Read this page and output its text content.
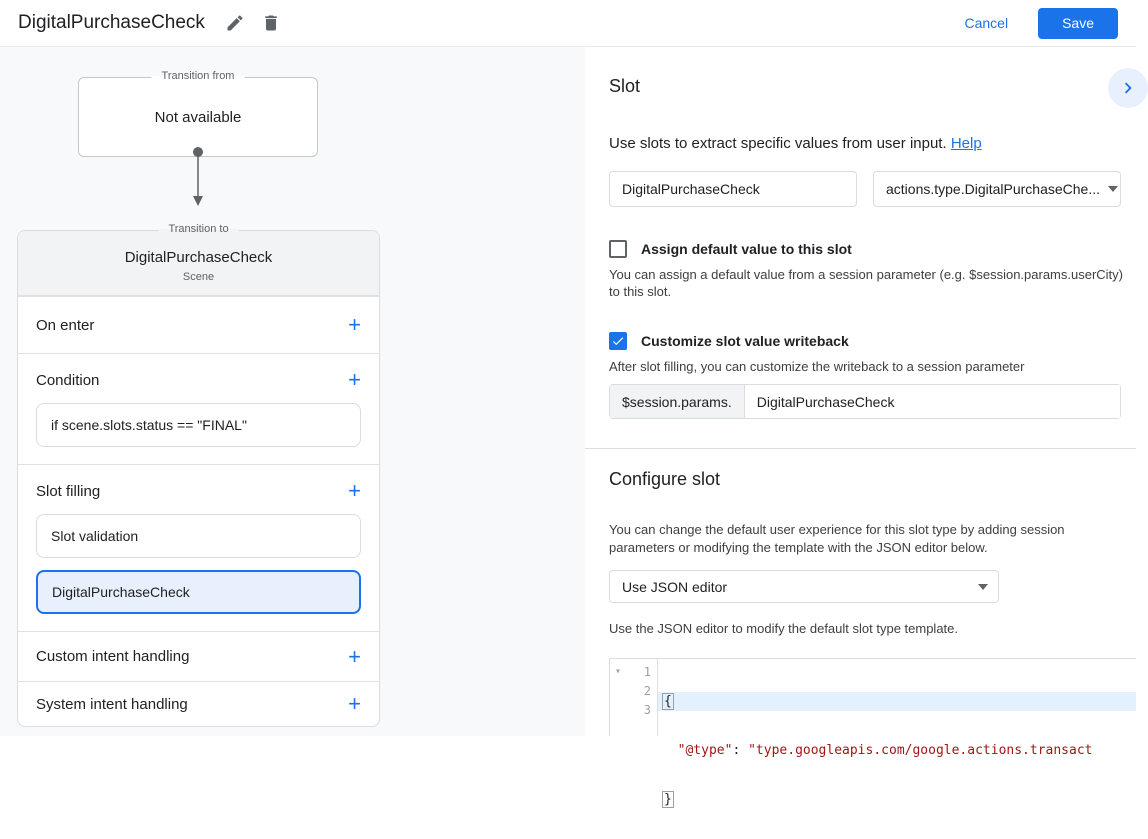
DigitalPurchaseCheck	Cancel	Save
Transition from
Not available
Transition to
DigitalPurchaseCheck
Scene
On enter	+
Condition	+
if scene.slots.status == "FINAL"
Slot filling	+
Slot validation
DigitalPurchaseCheck
Custom intent handling	+
System intent handling	+
Slot
Use slots to extract specific values from user input. Help
DigitalPurchaseCheck
actions.type.DigitalPurchaseChe...
Assign default value to this slot
You can assign a default value from a session parameter (e.g. $session.params.userCity) to this slot.
Customize slot value writeback
After slot filling, you can customize the writeback to a session parameter
$session.params.
DigitalPurchaseCheck
Configure slot
You can change the default user experience for this slot type by adding session parameters or modifying the template with the JSON editor below.
Use JSON editor
Use the JSON editor to modify the default slot type template.
▾	1
2
3

{

"@type": "type.googleapis.com/google.actions.transact

}
